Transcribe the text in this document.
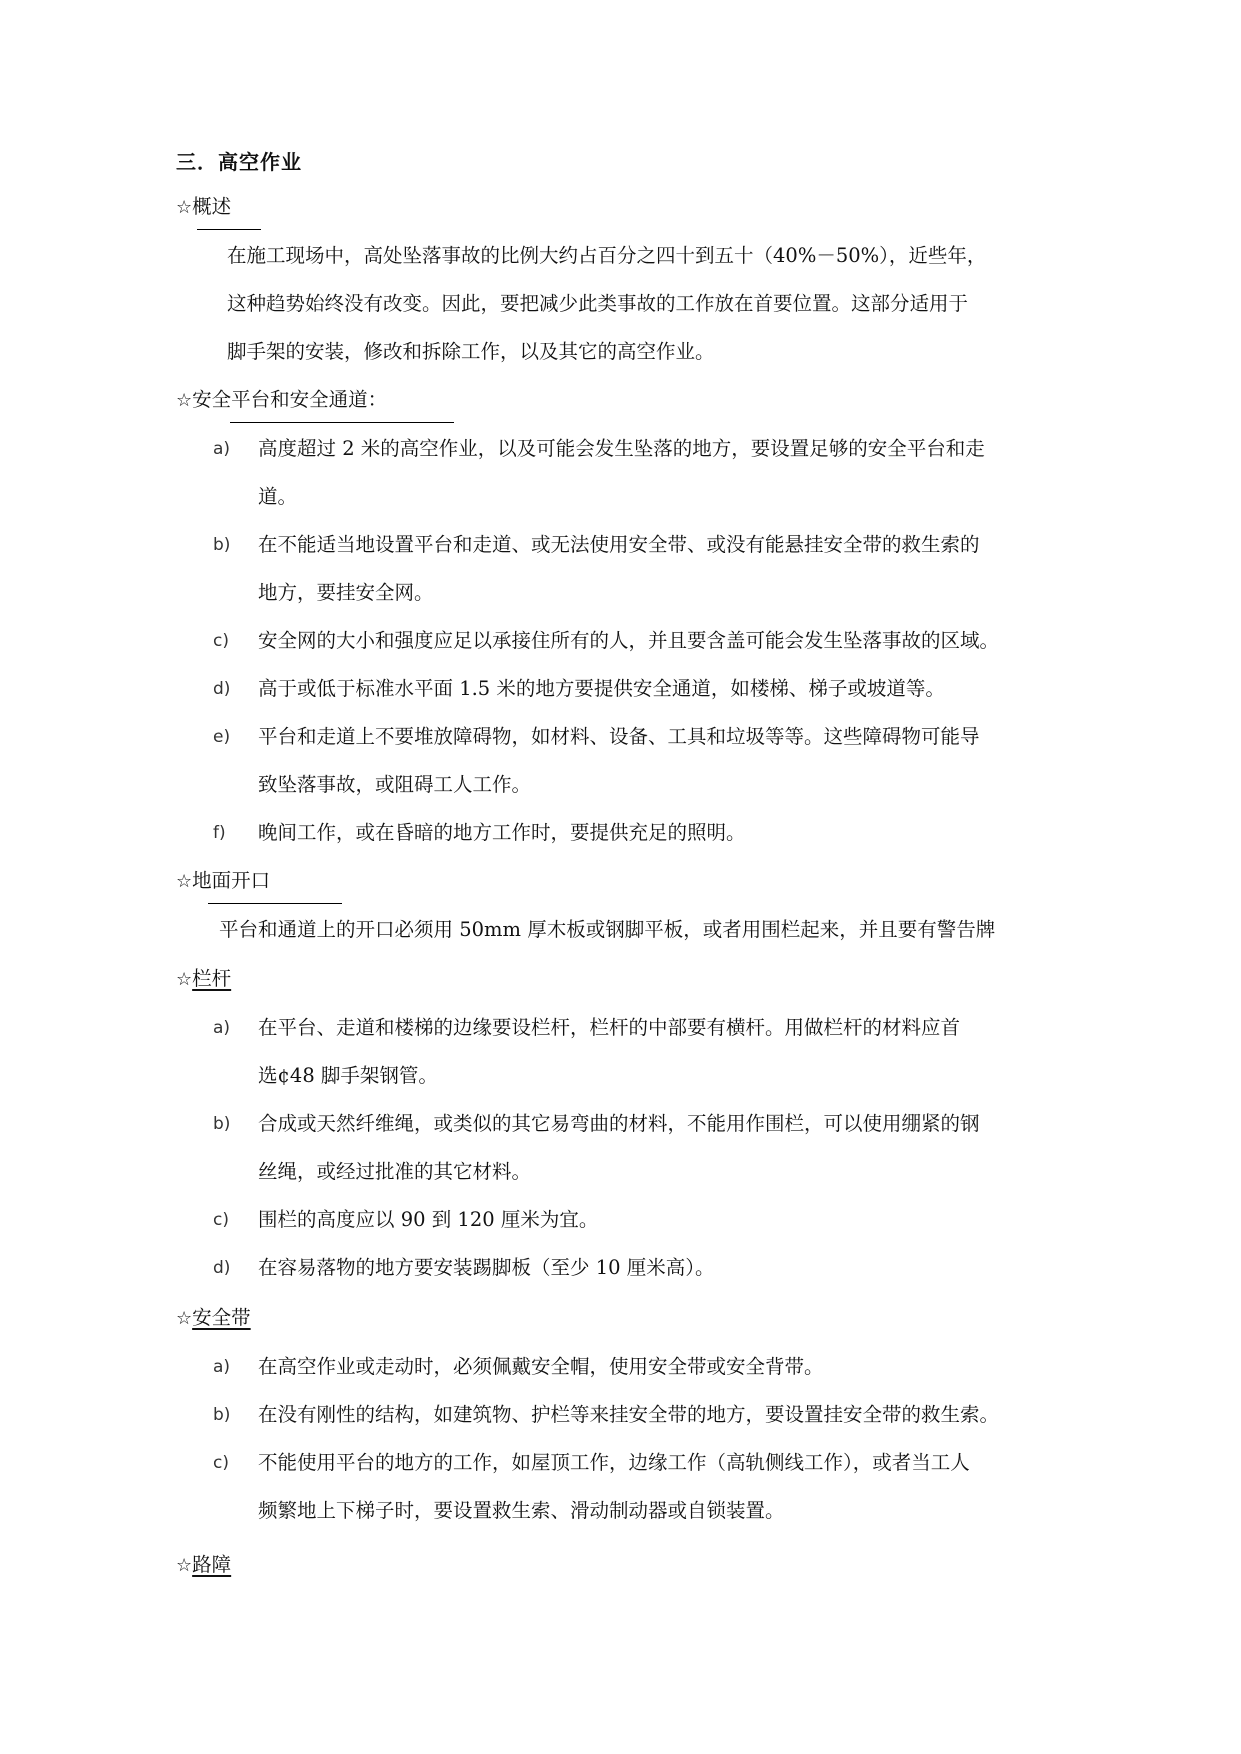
三．高空作业
☆概述
在施工现场中，高处坠落事故的比例大约占百分之四十到五十（40%－50%），近些年，
这种趋势始终没有改变。因此，要把减少此类事故的工作放在首要位置。这部分适用于
脚手架的安装，修改和拆除工作，以及其它的高空作业。
☆安全平台和安全通道：
a) 高度超过 2 米的高空作业，以及可能会发生坠落的地方，要设置足够的安全平台和走
道。
b) 在不能适当地设置平台和走道、或无法使用安全带、或没有能悬挂安全带的救生索的
地方，要挂安全网。
c) 安全网的大小和强度应足以承接住所有的人，并且要含盖可能会发生坠落事故的区域。
d) 高于或低于标准水平面 1.5 米的地方要提供安全通道，如楼梯、梯子或坡道等。
e) 平台和走道上不要堆放障碍物，如材料、设备、工具和垃圾等等。这些障碍物可能导
致坠落事故，或阻碍工人工作。
f) 晚间工作，或在昏暗的地方工作时，要提供充足的照明。
☆地面开口
平台和通道上的开口必须用 50mm 厚木板或钢脚平板，或者用围栏起来，并且要有警告牌
☆栏杆
a) 在平台、走道和楼梯的边缘要设栏杆，栏杆的中部要有横杆。用做栏杆的材料应首
选¢48 脚手架钢管。
b) 合成或天然纤维绳，或类似的其它易弯曲的材料，不能用作围栏，可以使用绷紧的钢
丝绳，或经过批准的其它材料。
c) 围栏的高度应以 90 到 120 厘米为宜。
d) 在容易落物的地方要安装踢脚板（至少 10 厘米高）。
☆安全带
a) 在高空作业或走动时，必须佩戴安全帽，使用安全带或安全背带。
b) 在没有刚性的结构，如建筑物、护栏等来挂安全带的地方，要设置挂安全带的救生索。
c) 不能使用平台的地方的工作，如屋顶工作，边缘工作（高轨侧线工作），或者当工人
频繁地上下梯子时，要设置救生索、滑动制动器或自锁装置。
☆路障
